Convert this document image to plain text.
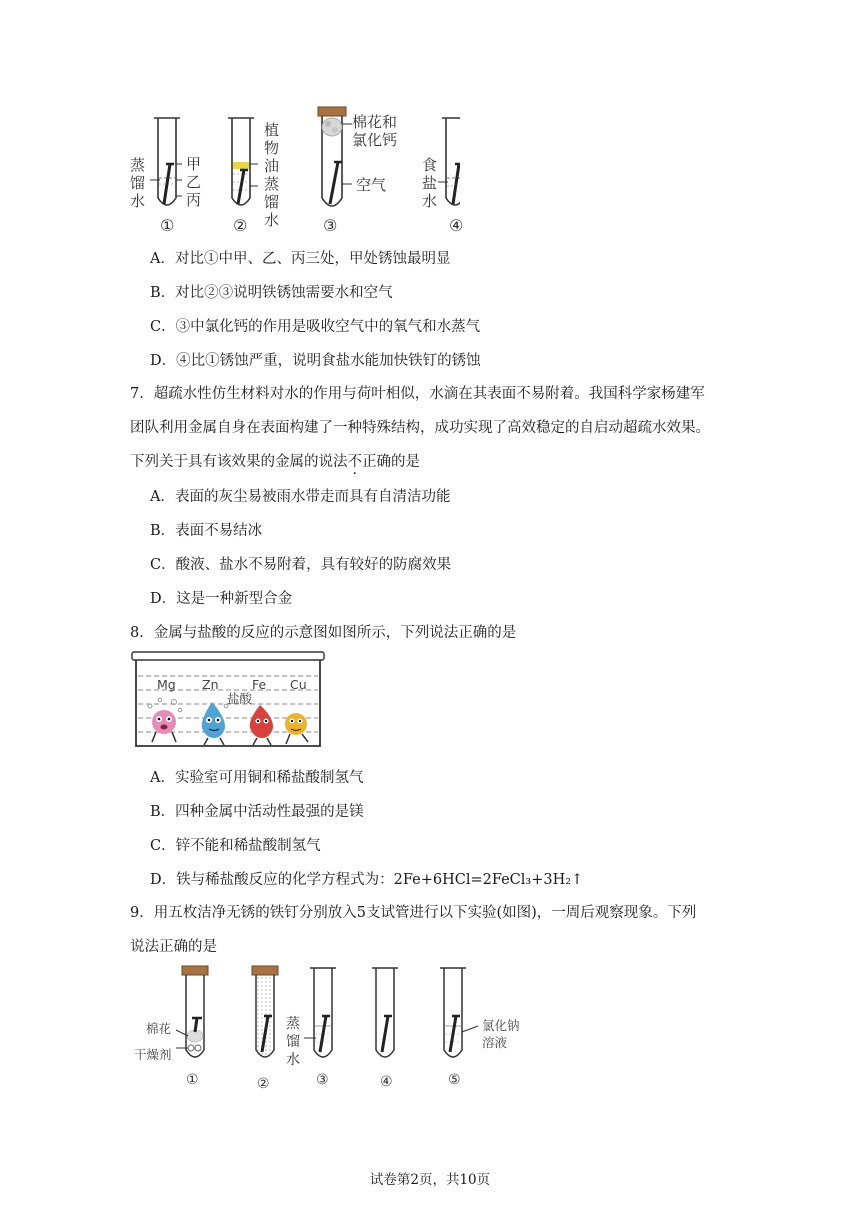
蒸
馏
水
甲
乙
丙
植
物
油
蒸
馏
水
棉花和
氯化钙
空气
食
盐
水
①	②	③	④
A．对比①中甲、乙、丙三处，甲处锈蚀最明显
B．对比②③说明铁锈蚀需要水和空气
C．③中氯化钙的作用是吸收空气中的氧气和水蒸气
D．④比①锈蚀严重，说明食盐水能加快铁钉的锈蚀
7．超疏水性仿生材料对水的作用与荷叶相似，水滴在其表面不易附着。我国科学家杨建军
团队利用金属自身在表面构建了一种特殊结构，成功实现了高效稳定的自启动超疏水效果。
下列关于具有该效果的金属的说法不正确的是
A．表面的灰尘易被雨水带走而具有自清洁功能
B．表面不易结冰
C．酸液、盐水不易附着，具有较好的防腐效果
D．这是一种新型合金
8．金属与盐酸的反应的示意图如图所示，下列说法正确的是
Mg Zn	Fe Cu
盐酸
A．实验室可用铜和稀盐酸制氢气
B．四种金属中活动性最强的是镁
C．锌不能和稀盐酸制氢气
D．铁与稀盐酸反应的化学方程式为：2Fe+6HCl=2FeCl₃+3H₂↑
9．用五枚洁净无锈的铁钉分别放入5支试管进行以下实验(如图)，一周后观察现象。下列
说法正确的是
棉花
干燥剂
蒸
馏
水
氯化钠
溶液
①	②	③	④	⑤
试卷第2页，共10页
